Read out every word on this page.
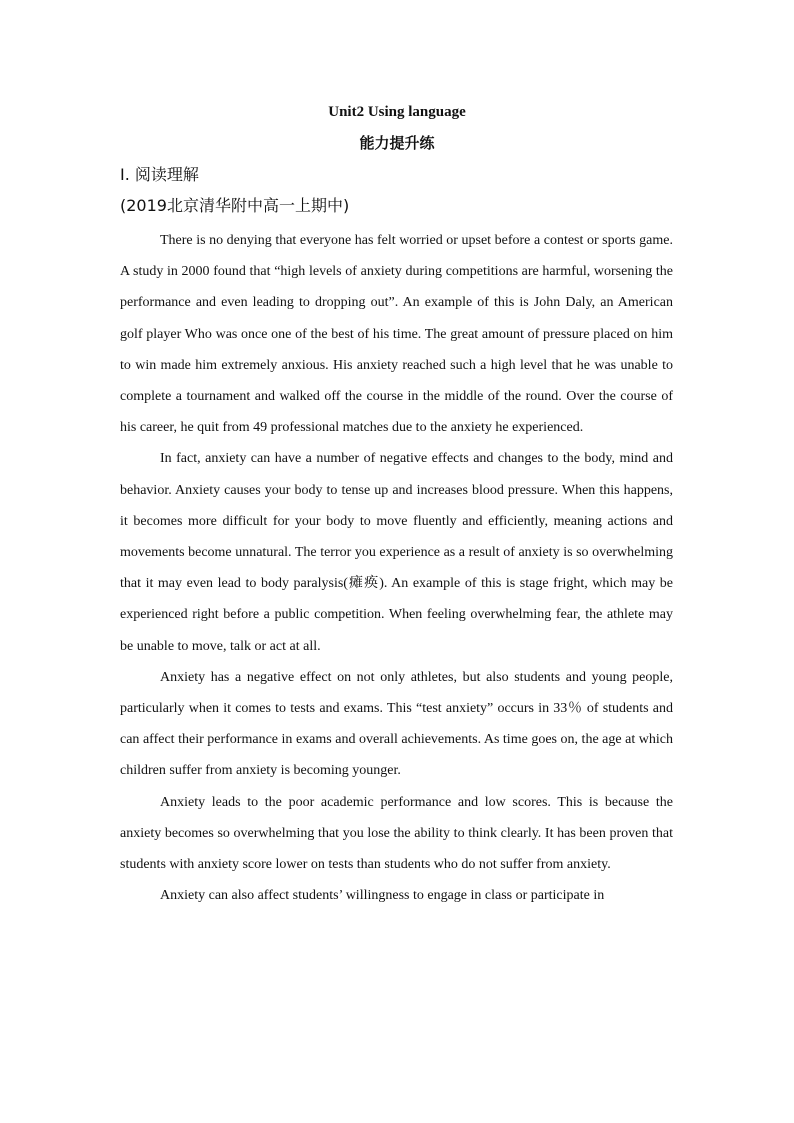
Unit2 Using language
能力提升练
I. 阅读理解
(2019北京清华附中高一上期中)

There is no denying that everyone has felt worried or upset before a contest or sports game. A study in 2000 found that “high levels of anxiety during competitions are harmful, worsening the performance and even leading to dropping out”. An example of this is John Daly, an American golf player Who was once one of the best of his time. The great amount of pressure placed on him to win made him extremely anxious. His anxiety reached such a high level that he was unable to complete a tournament and walked off the course in the middle of the round. Over the course of his career, he quit from 49 professional matches due to the anxiety he experienced.

In fact, anxiety can have a number of negative effects and changes to the body, mind and behavior. Anxiety causes your body to tense up and increases blood pressure. When this happens, it becomes more difficult for your body to move fluently and efficiently, meaning actions and movements become unnatural. The terror you experience as a result of anxiety is so overwhelming that it may even lead to body paralysis(瘫痪). An example of this is stage fright, which may be experienced right before a public competition. When feeling overwhelming fear, the athlete may be unable to move, talk or act at all.

Anxiety has a negative effect on not only athletes, but also students and young people, particularly when it comes to tests and exams. This “test anxiety” occurs in 33％ of students and can affect their performance in exams and overall achievements. As time goes on, the age at which children suffer from anxiety is becoming younger.

Anxiety leads to the poor academic performance and low scores. This is because the anxiety becomes so overwhelming that you lose the ability to think clearly. It has been proven that students with anxiety score lower on tests than students who do not suffer from anxiety.

Anxiety can also affect students’ willingness to engage in class or participate in
